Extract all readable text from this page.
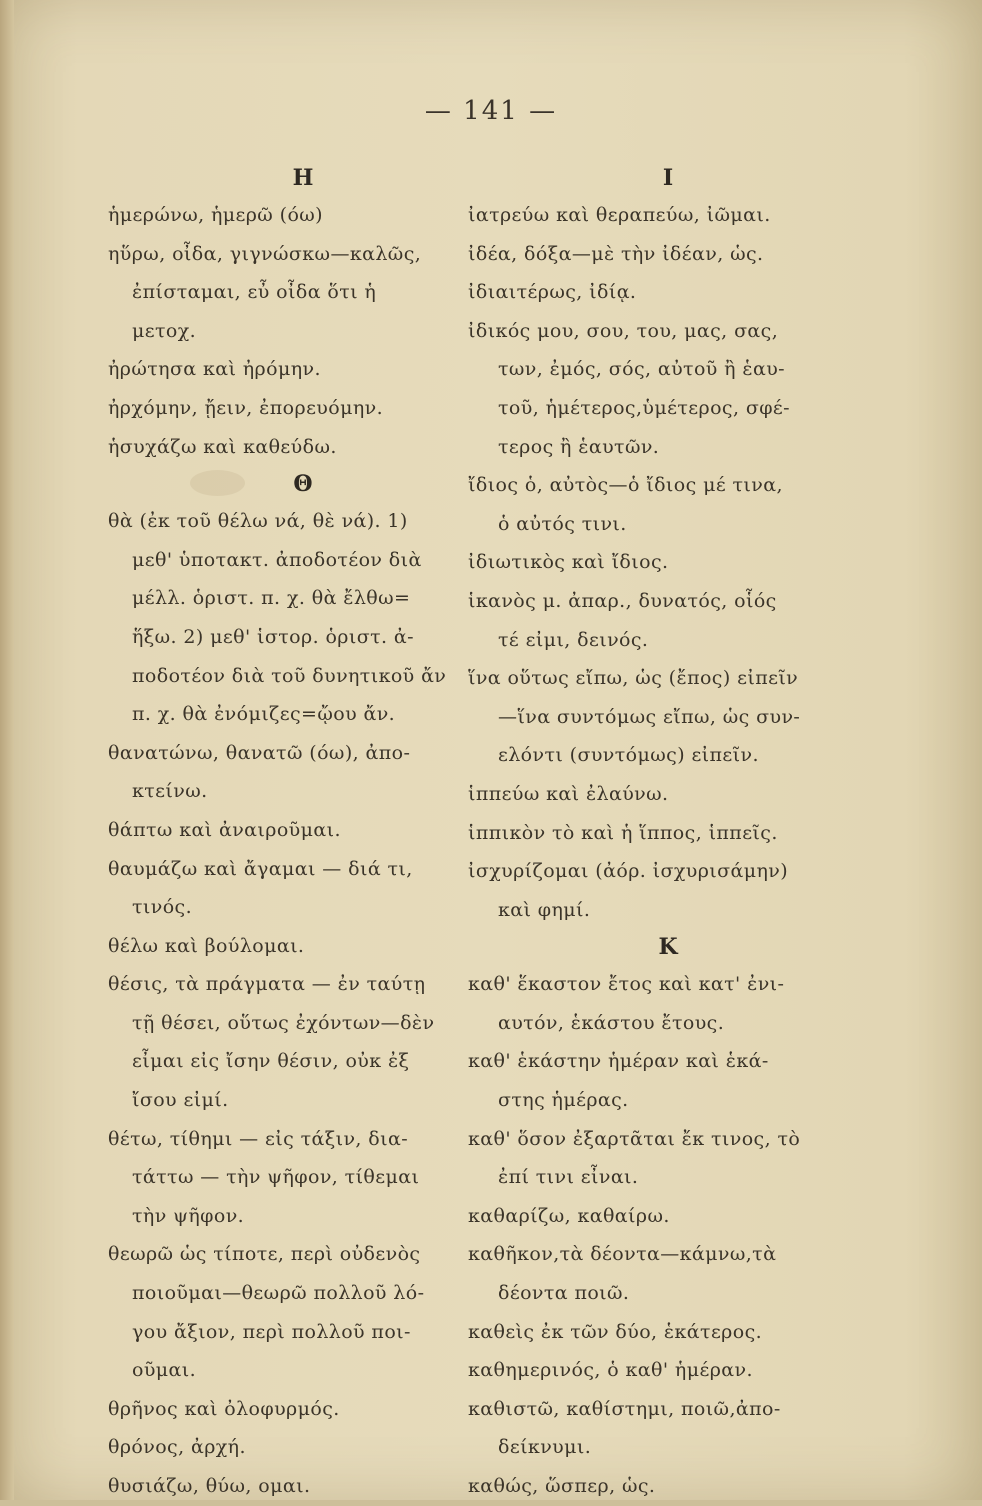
— 141 —
Η
ἡμερώνω, ἡμερῶ (όω)
ηὕρω, οἶδα, γιγνώσκω—καλῶς,
ἐπίσταμαι, εὖ οἶδα ὅτι ἡ
μετοχ.
ἠρώτησα καὶ ἠρόμην.
ἠρχόμην, ᾔειν, ἐπορευόμην.
ἡσυχάζω καὶ καθεύδω.
Θ
θὰ (ἐκ τοῦ θέλω νά, θὲ νά). 1)
μεθ' ὑποτακτ. ἀποδοτέον διὰ
μέλλ. ὁριστ. π. χ. θὰ ἔλθω=
ἥξω. 2) μεθ' ἱστορ. ὁριστ. ἀ-
ποδοτέον διὰ τοῦ δυνητικοῦ ἄν
π. χ. θὰ ἐνόμιζες=ᾤου ἄν.
θανατώνω, θανατῶ (όω), ἀπο-
κτείνω.
θάπτω καὶ ἀναιροῦμαι.
θαυμάζω καὶ ἄγαμαι — διά τι,
τινός.
θέλω καὶ βούλομαι.
θέσις, τὰ πράγματα — ἐν ταύτῃ
τῇ θέσει, οὕτως ἐχόντων—δὲν
εἶμαι εἰς ἴσην θέσιν, οὐκ ἐξ
ἴσου εἰμί.
θέτω, τίθημι — εἰς τάξιν, δια-
τάττω — τὴν ψῆφον, τίθεμαι
τὴν ψῆφον.
θεωρῶ ὡς τίποτε, περὶ οὐδενὸς
ποιοῦμαι—θεωρῶ πολλοῦ λό-
γου ἄξιον, περὶ πολλοῦ ποι-
οῦμαι.
θρῆνος καὶ ὀλοφυρμός.
θρόνος, ἀρχή.
θυσιάζω, θύω, ομαι.
Ι
ἰατρεύω καὶ θεραπεύω, ἰῶμαι.
ἰδέα, δόξα—μὲ τὴν ἰδέαν, ὡς.
ἰδιαιτέρως, ἰδίᾳ.
ἰδικός μου, σου, του, μας, σας,
των, ἐμός, σός, αὐτοῦ ἢ ἑαυ-
τοῦ, ἡμέτερος,ὑμέτερος, σφέ-
τερος ἢ ἑαυτῶν.
ἴδιος ὁ, αὐτὸς—ὁ ἴδιος μέ τινα,
ὁ αὐτός τινι.
ἰδιωτικὸς καὶ ἴδιος.
ἱκανὸς μ. ἀπαρ., δυνατός, οἷός
τέ εἰμι, δεινός.
ἵνα οὕτως εἴπω, ὡς (ἔπος) εἰπεῖν
—ἵνα συντόμως εἴπω, ὡς συν-
ελόντι (συντόμως) εἰπεῖν.
ἱππεύω καὶ ἐλαύνω.
ἱππικὸν τὸ καὶ ἡ ἵππος, ἱππεῖς.
ἰσχυρίζομαι (ἀόρ. ἰσχυρισάμην)
καὶ φημί.
Κ
καθ' ἕκαστον ἔτος καὶ κατ' ἐνι-
αυτόν, ἑκάστου ἔτους.
καθ' ἑκάστην ἡμέραν καὶ ἑκά-
στης ἡμέρας.
καθ' ὅσον ἐξαρτᾶται ἔκ τινος, τὸ
ἐπί τινι εἶναι.
καθαρίζω, καθαίρω.
καθῆκον,τὰ δέοντα—κάμνω,τὰ
δέοντα ποιῶ.
καθεὶς ἐκ τῶν δύο, ἑκάτερος.
καθημερινός, ὁ καθ' ἡμέραν.
καθιστῶ, καθίστημι, ποιῶ,ἀπο-
δείκνυμι.
καθώς, ὥσπερ, ὡς.
